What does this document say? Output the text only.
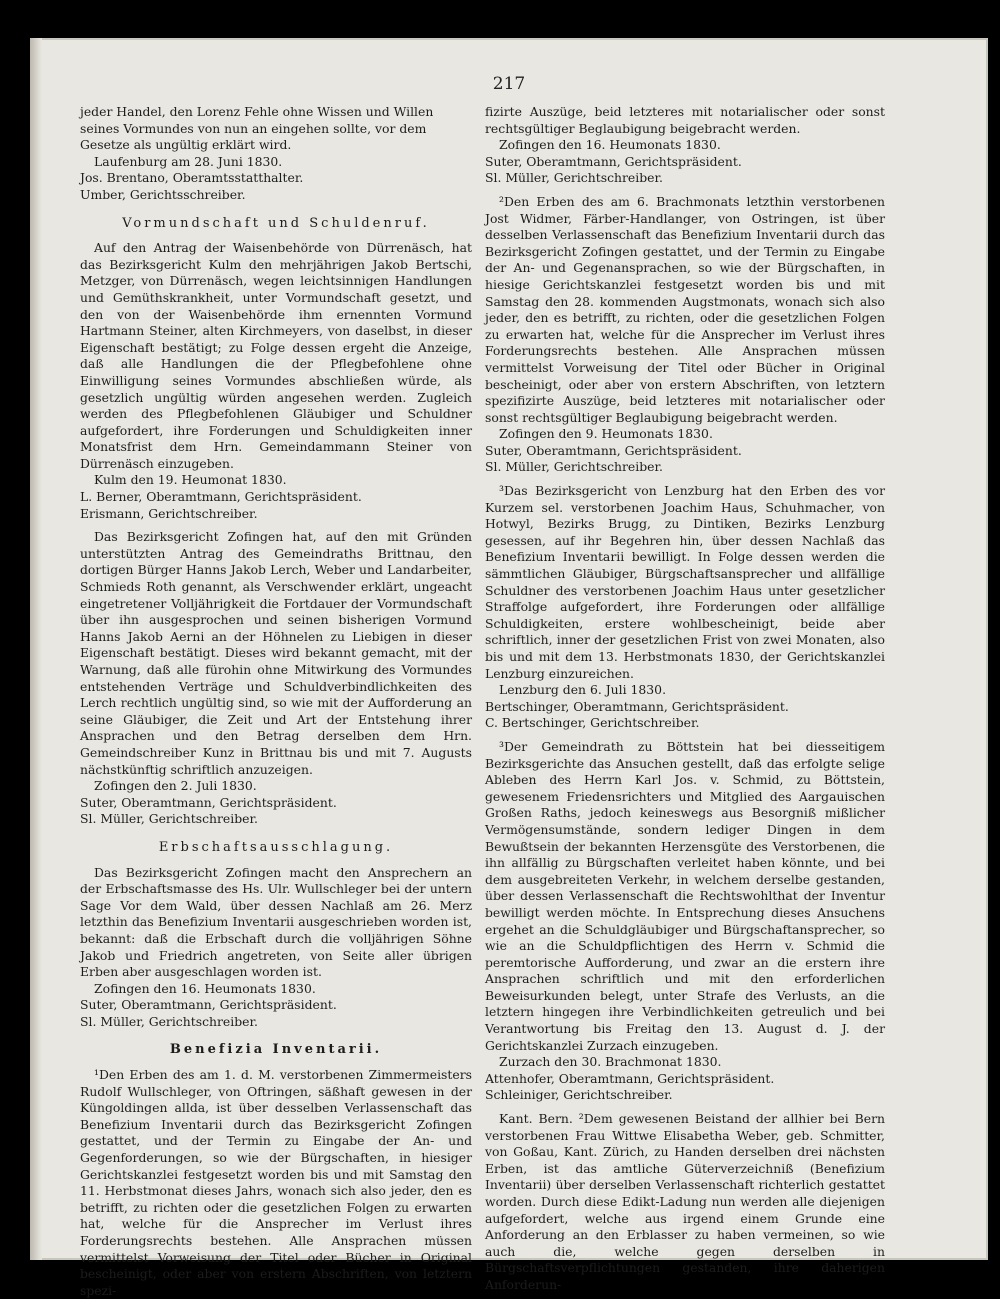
217

jeder Handel, den Lorenz Fehle ohne Wissen und Willen

seines Vormundes von nun an eingehen sollte, vor dem

Gesetze als ungültig erklärt wird.

Laufenburg am 28. Juni 1830.

Jos. Brentano, Oberamtsstatthalter.

Umber, Gerichtsschreiber.

Vormundschaft und Schuldenruf.

Auf den Antrag der Waisenbehörde von Dürrenäsch, hat das Bezirksgericht Kulm den mehrjährigen Jakob Bertschi, Metzger, von Dürrenäsch, wegen leichtsinnigen Handlungen und Gemüthskrankheit, unter Vormundschaft gesetzt, und den von der Waisenbehörde ihm ernennten Vormund Hartmann Steiner, alten Kirchmeyers, von daselbst, in dieser Eigenschaft bestätigt; zu Folge dessen ergeht die Anzeige, daß alle Handlungen die der Pflegbefohlene ohne Einwilligung seines Vormundes abschließen würde, als gesetzlich ungültig würden angesehen werden. Zugleich werden des Pflegbefohlenen Gläubiger und Schuldner aufgefordert, ihre Forderungen und Schuldigkeiten inner Monatsfrist dem Hrn. Gemeindammann Steiner von Dürrenäsch einzugeben.

Kulm den 19. Heumonat 1830.

L. Berner, Oberamtmann, Gerichtspräsident.

Erismann, Gerichtschreiber.

Das Bezirksgericht Zofingen hat, auf den mit Gründen unterstützten Antrag des Gemeindraths Brittnau, den dortigen Bürger Hanns Jakob Lerch, Weber und Landarbeiter, Schmieds Roth genannt, als Verschwender erklärt, ungeacht eingetretener Volljährigkeit die Fortdauer der Vormundschaft über ihn ausgesprochen und seinen bisherigen Vormund Hanns Jakob Aerni an der Höhnelen zu Liebigen in dieser Eigenschaft bestätigt. Dieses wird bekannt gemacht, mit der Warnung, daß alle fürohin ohne Mitwirkung des Vormundes entstehenden Verträge und Schuldverbindlichkeiten des Lerch rechtlich ungültig sind, so wie mit der Aufforderung an seine Gläubiger, die Zeit und Art der Entstehung ihrer Ansprachen und den Betrag derselben dem Hrn. Gemeindschreiber Kunz in Brittnau bis und mit 7. Augusts nächstkünftig schriftlich anzuzeigen.

Zofingen den 2. Juli 1830.

Suter, Oberamtmann, Gerichtspräsident.

Sl. Müller, Gerichtschreiber.

Erbschaftsausschlagung.

Das Bezirksgericht Zofingen macht den Ansprechern an der Erbschaftsmasse des Hs. Ulr. Wullschleger bei der untern Sage Vor dem Wald, über dessen Nachlaß am 26. Merz letzthin das Benefizium Inventarii ausgeschrieben worden ist, bekannt: daß die Erbschaft durch die volljährigen Söhne Jakob und Friedrich angetreten, von Seite aller übrigen Erben aber ausgeschlagen worden ist.

Zofingen den 16. Heumonats 1830.

Suter, Oberamtmann, Gerichtspräsident.

Sl. Müller, Gerichtschreiber.

Benefizia Inventarii.

¹Den Erben des am 1. d. M. verstorbenen Zimmermeisters Rudolf Wullschleger, von Oftringen, säßhaft gewesen in der Küngoldingen allda, ist über desselben Verlassenschaft das Benefizium Inventarii durch das Bezirksgericht Zofingen gestattet, und der Termin zu Eingabe der An- und Gegenforderungen, so wie der Bürgschaften, in hiesiger Gerichtskanzlei festgesetzt worden bis und mit Samstag den 11. Herbstmonat dieses Jahrs, wonach sich also jeder, den es betrifft, zu richten oder die gesetzlichen Folgen zu erwarten hat, welche für die Ansprecher im Verlust ihres Forderungsrechts bestehen. Alle Ansprachen müssen vermittelst Vorweisung der Titel oder Bücher in Original bescheinigt, oder aber von erstern Abschriften, von letztern spezi-

fizirte Auszüge, beid letzteres mit notarialischer oder sonst rechtsgültiger Beglaubigung beigebracht werden.

Zofingen den 16. Heumonats 1830.

Suter, Oberamtmann, Gerichtspräsident.

Sl. Müller, Gerichtschreiber.

²Den Erben des am 6. Brachmonats letzthin verstorbenen Jost Widmer, Färber-Handlanger, von Ostringen, ist über desselben Verlassenschaft das Benefizium Inventarii durch das Bezirksgericht Zofingen gestattet, und der Termin zu Eingabe der An- und Gegenansprachen, so wie der Bürgschaften, in hiesige Gerichtskanzlei festgesetzt worden bis und mit Samstag den 28. kommenden Augstmonats, wonach sich also jeder, den es betrifft, zu richten, oder die gesetzlichen Folgen zu erwarten hat, welche für die Ansprecher im Verlust ihres Forderungsrechts bestehen. Alle Ansprachen müssen vermittelst Vorweisung der Titel oder Bücher in Original bescheinigt, oder aber von erstern Abschriften, von letztern spezifizirte Auszüge, beid letzteres mit notarialischer oder sonst rechtsgültiger Beglaubigung beigebracht werden.

Zofingen den 9. Heumonats 1830.

Suter, Oberamtmann, Gerichtspräsident.

Sl. Müller, Gerichtschreiber.

³Das Bezirksgericht von Lenzburg hat den Erben des vor Kurzem sel. verstorbenen Joachim Haus, Schuhmacher, von Hotwyl, Bezirks Brugg, zu Dintiken, Bezirks Lenzburg gesessen, auf ihr Begehren hin, über dessen Nachlaß das Benefizium Inventarii bewilligt. In Folge dessen werden die sämmtlichen Gläubiger, Bürgschaftsansprecher und allfällige Schuldner des verstorbenen Joachim Haus unter gesetzlicher Straffolge aufgefordert, ihre Forderungen oder allfällige Schuldigkeiten, erstere wohlbescheinigt, beide aber schriftlich, inner der gesetzlichen Frist von zwei Monaten, also bis und mit dem 13. Herbstmonats 1830, der Gerichtskanzlei Lenzburg einzureichen.

Lenzburg den 6. Juli 1830.

Bertschinger, Oberamtmann, Gerichtspräsident.

C. Bertschinger, Gerichtschreiber.

³Der Gemeindrath zu Böttstein hat bei diesseitigem Bezirksgerichte das Ansuchen gestellt, daß das erfolgte selige Ableben des Herrn Karl Jos. v. Schmid, zu Böttstein, gewesenem Friedensrichters und Mitglied des Aargauischen Großen Raths, jedoch keineswegs aus Besorgniß mißlicher Vermögensumstände, sondern lediger Dingen in dem Bewußtsein der bekannten Herzensgüte des Verstorbenen, die ihn allfällig zu Bürgschaften verleitet haben könnte, und bei dem ausgebreiteten Verkehr, in welchem derselbe gestanden, über dessen Verlassenschaft die Rechtswohlthat der Inventur bewilligt werden möchte. In Entsprechung dieses Ansuchens ergehet an die Schuldgläubiger und Bürgschaftansprecher, so wie an die Schuldpflichtigen des Herrn v. Schmid die peremtorische Aufforderung, und zwar an die erstern ihre Ansprachen schriftlich und mit den erforderlichen Beweisurkunden belegt, unter Strafe des Verlusts, an die letztern hingegen ihre Verbindlichkeiten getreulich und bei Verantwortung bis Freitag den 13. August d. J. der Gerichtskanzlei Zurzach einzugeben.

Zurzach den 30. Brachmonat 1830.

Attenhofer, Oberamtmann, Gerichtspräsident.

Schleiniger, Gerichtschreiber.

Kant. Bern. ²Dem gewesenen Beistand der allhier bei Bern verstorbenen Frau Wittwe Elisabetha Weber, geb. Schmitter, von Goßau, Kant. Zürich, zu Handen derselben drei nächsten Erben, ist das amtliche Güterverzeichniß (Benefizium Inventarii) über derselben Verlassenschaft richterlich gestattet worden. Durch diese Edikt-Ladung nun werden alle diejenigen aufgefordert, welche aus irgend einem Grunde eine Anforderung an den Erblasser zu haben vermeinen, so wie auch die, welche gegen derselben in Bürgschaftsverpflichtungen gestanden, ihre daherigen Anforderun-
